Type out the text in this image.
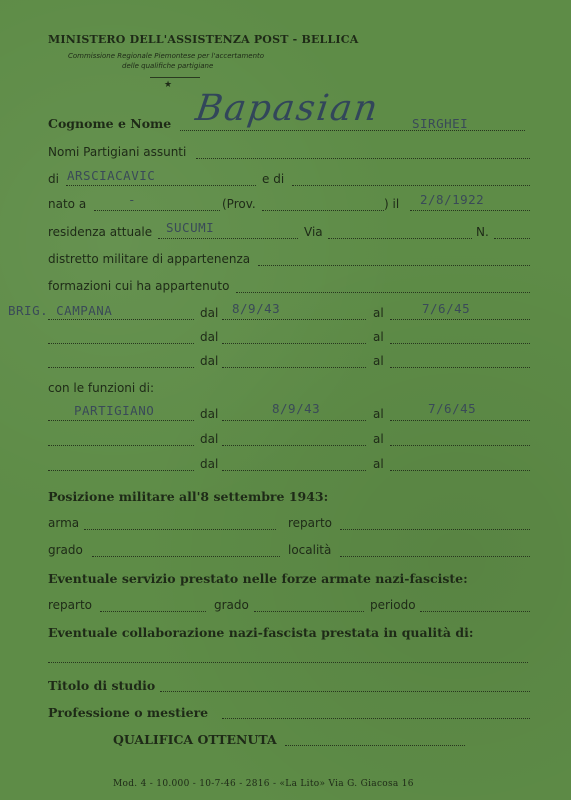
MINISTERO DELL'ASSISTENZA POST - BELLICA
Commissione Regionale Piemontese per l'accertamento
delle qualifiche partigiane
★
Cognome e Nome Bapasian SIRGHEI
Nomi Partigiani assunti
di ARSCIACAVIC	e di
nato a	-	(Prov.	) il 2/8/1922
residenza attuale SUCUMI	Via	N.
distretto militare di appartenenza
formazioni cui ha appartenuto
BRIG. CAMPANA	dal 8/9/43	al	7/6/45
dal	al
dal	al
con le funzioni di:
PARTIGIANO	dal	8/9/43	al	7/6/45
dal	al
dal	al
Posizione militare all'8 settembre 1943:
arma	reparto
grado	località
Eventuale servizio prestato nelle forze armate nazi-fasciste:
reparto	grado	periodo
Eventuale collaborazione nazi-fascista prestata in qualità di:
Titolo di studio
Professione o mestiere
QUALIFICA OTTENUTA
Mod. 4 - 10.000 - 10-7-46 - 2816 - «La Lito» Via G. Giacosa 16
